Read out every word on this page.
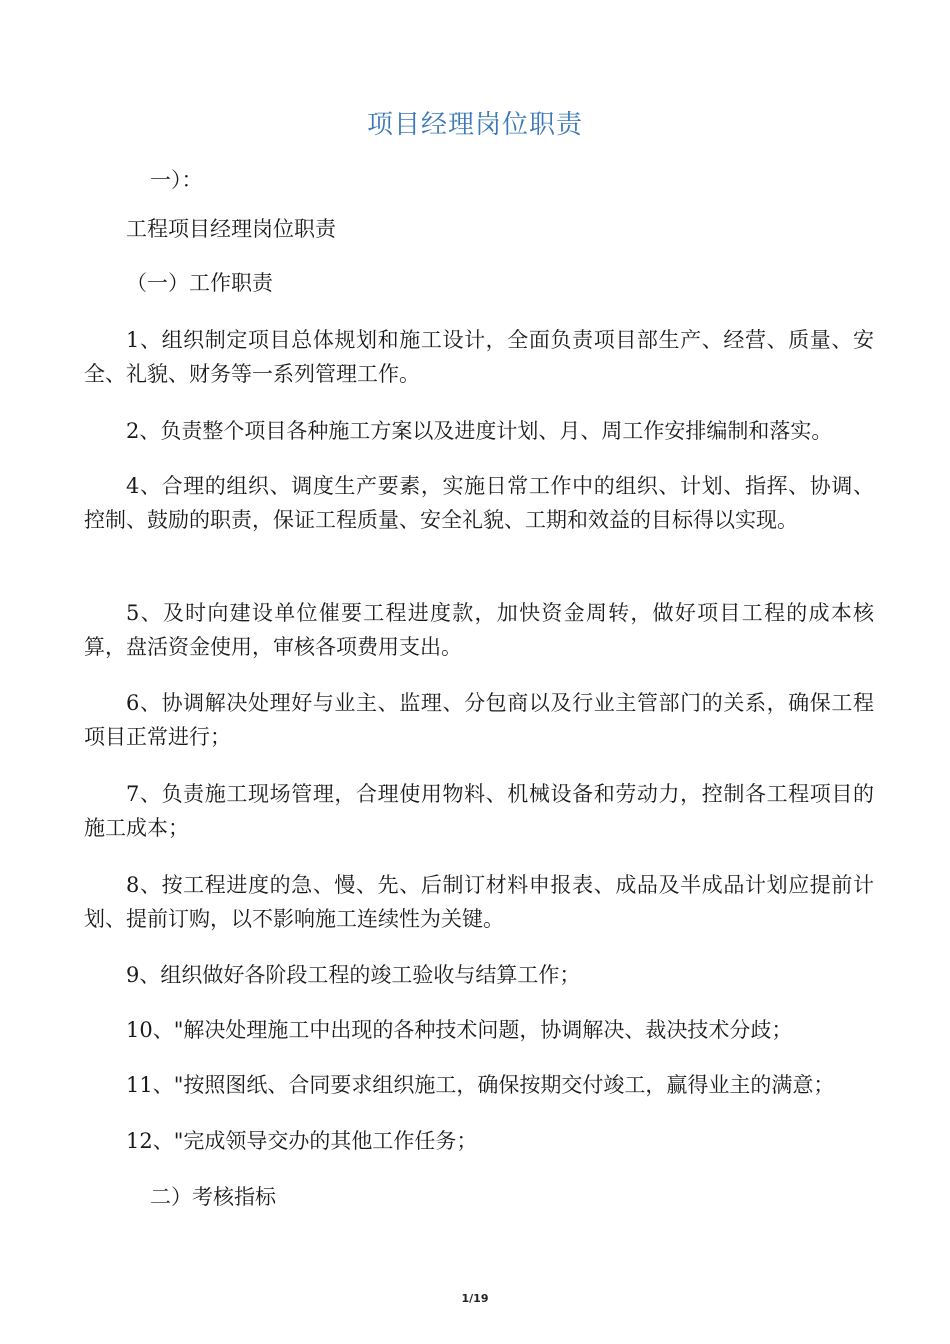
项目经理岗位职责

一）：

工程项目经理岗位职责

（一）工作职责

1、组织制定项目总体规划和施工设计，全面负责项目部生产、经营、质量、安全、礼貌、财务等一系列管理工作。

2、负责整个项目各种施工方案以及进度计划、月、周工作安排编制和落实。

4、合理的组织、调度生产要素，实施日常工作中的组织、计划、指挥、协调、控制、鼓励的职责，保证工程质量、安全礼貌、工期和效益的目标得以实现。

5、及时向建设单位催要工程进度款，加快资金周转，做好项目工程的成本核算，盘活资金使用，审核各项费用支出。

6、协调解决处理好与业主、监理、分包商以及行业主管部门的关系，确保工程项目正常进行；

7、负责施工现场管理，合理使用物料、机械设备和劳动力，控制各工程项目的施工成本；

8、按工程进度的急、慢、先、后制订材料申报表、成品及半成品计划应提前计划、提前订购，以不影响施工连续性为关键。

9、组织做好各阶段工程的竣工验收与结算工作；

10、"解决处理施工中出现的各种技术问题，协调解决、裁决技术分歧；

11、"按照图纸、合同要求组织施工，确保按期交付竣工，赢得业主的满意；

12、"完成领导交办的其他工作任务；

二）考核指标

1/19
